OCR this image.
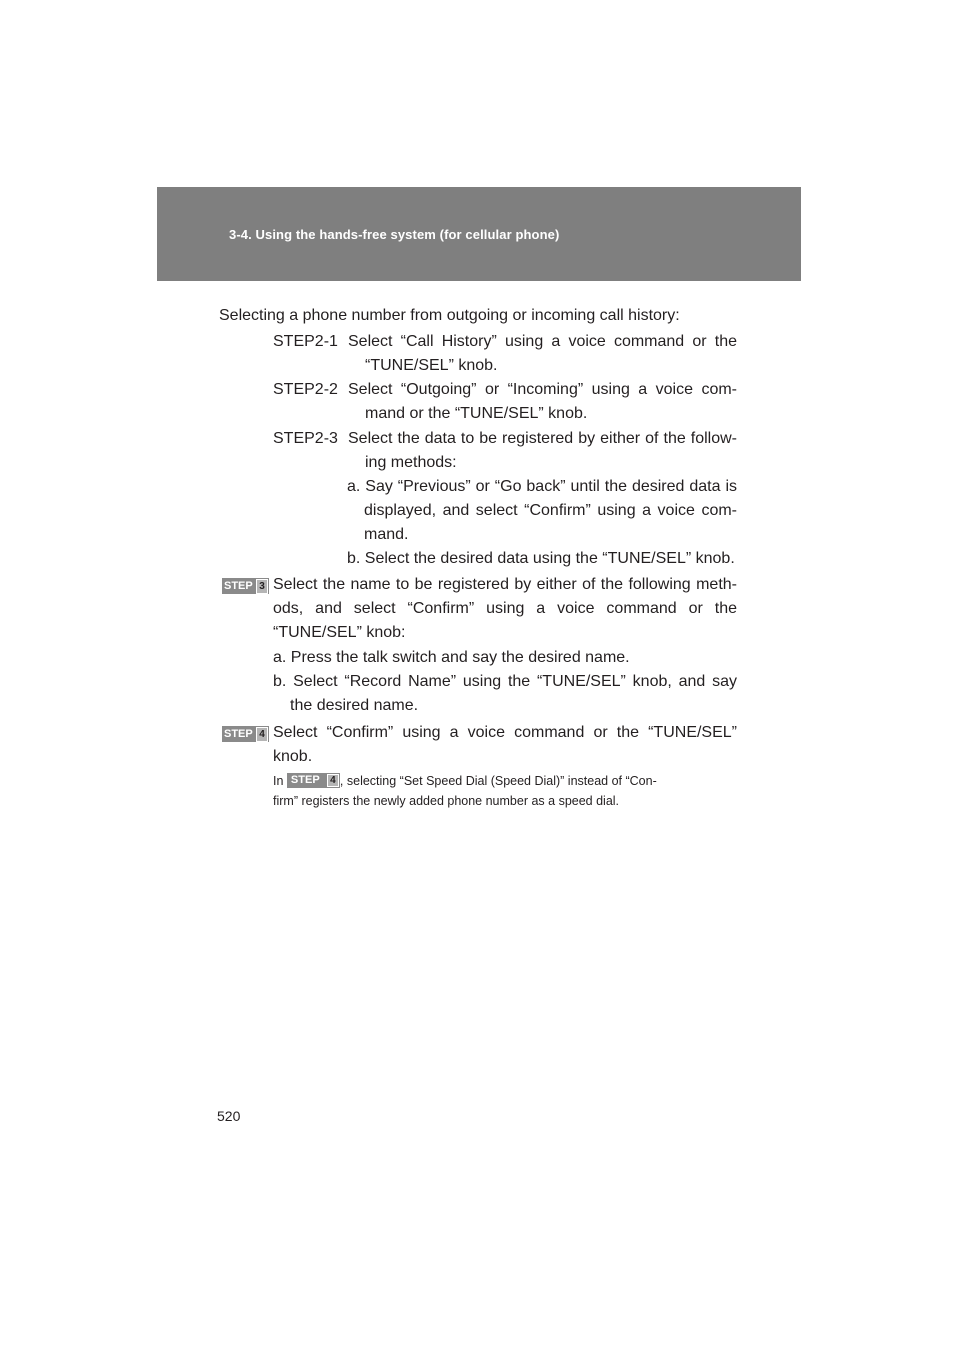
3-4. Using the hands-free system (for cellular phone)
Selecting a phone number from outgoing or incoming call history:
STEP2-1 Select “Call History” using a voice command or the
“TUNE/SEL” knob.
STEP2-2 Select “Outgoing” or “Incoming” using a voice com-
mand or the “TUNE/SEL” knob.
STEP2-3 Select the data to be registered by either of the follow-
ing methods:
a. Say “Previous” or “Go back” until the desired data is displayed, and select “Confirm” using a voice com-mand.
b. Select the desired data using the “TUNE/SEL” knob.
STEP 3 Select the name to be registered by either of the following meth-ods, and select “Confirm” using a voice command or the “TUNE/SEL” knob:
a. Press the talk switch and say the desired name.
b. Select “Record Name” using the “TUNE/SEL” knob, and say the desired name.
STEP 4 Select “Confirm” using a voice command or the “TUNE/SEL” knob.
In STEP	4 , selecting “Set Speed Dial (Speed Dial)” instead of “Con-
firm” registers the newly added phone number as a speed dial.
520
